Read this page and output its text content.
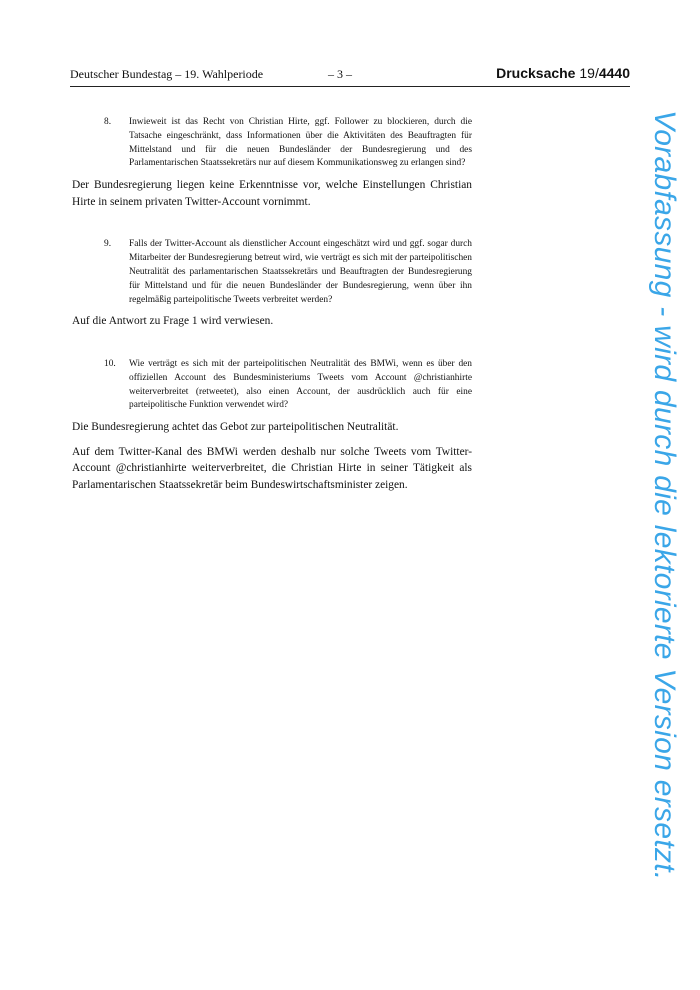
Deutscher Bundestag – 19. Wahlperiode	– 3 –	Drucksache 19/4440
8. Inwieweit ist das Recht von Christian Hirte, ggf. Follower zu blockieren, durch die Tatsache eingeschränkt, dass Informationen über die Aktivitäten des Beauftragten für Mittelstand und für die neuen Bundesländer der Bundesregierung und des Parlamentarischen Staatssekretärs nur auf diesem Kommunikationsweg zu erlangen sind?

Der Bundesregierung liegen keine Erkenntnisse vor, welche Einstellungen Christian Hirte in seinem privaten Twitter-Account vornimmt.

9. Falls der Twitter-Account als dienstlicher Account eingeschätzt wird und ggf. sogar durch Mitarbeiter der Bundesregierung betreut wird, wie verträgt es sich mit der parteipolitischen Neutralität des parlamentarischen Staatssekretärs und Beauftragten der Bundesregierung für Mittelstand und für die neuen Bundesländer der Bundesregierung, wenn über ihn regelmäßig parteipolitische Tweets verbreitet werden?

Auf die Antwort zu Frage 1 wird verwiesen.

10. Wie verträgt es sich mit der parteipolitischen Neutralität des BMWi, wenn es über den offiziellen Account des Bundesministeriums Tweets vom Account @christianhirte weiterverbreitet (retweetet), also einen Account, der ausdrücklich auch für eine parteipolitische Funktion verwendet wird?

Die Bundesregierung achtet das Gebot zur parteipolitischen Neutralität.

Auf dem Twitter-Kanal des BMWi werden deshalb nur solche Tweets vom Twitter-Account @christianhirte weiterverbreitet, die Christian Hirte in seiner Tätigkeit als Parlamentarischen Staatssekretär beim Bundeswirtschaftsminister zeigen.	Vorabfassung - wird durch die lektorierte Version ersetzt.
